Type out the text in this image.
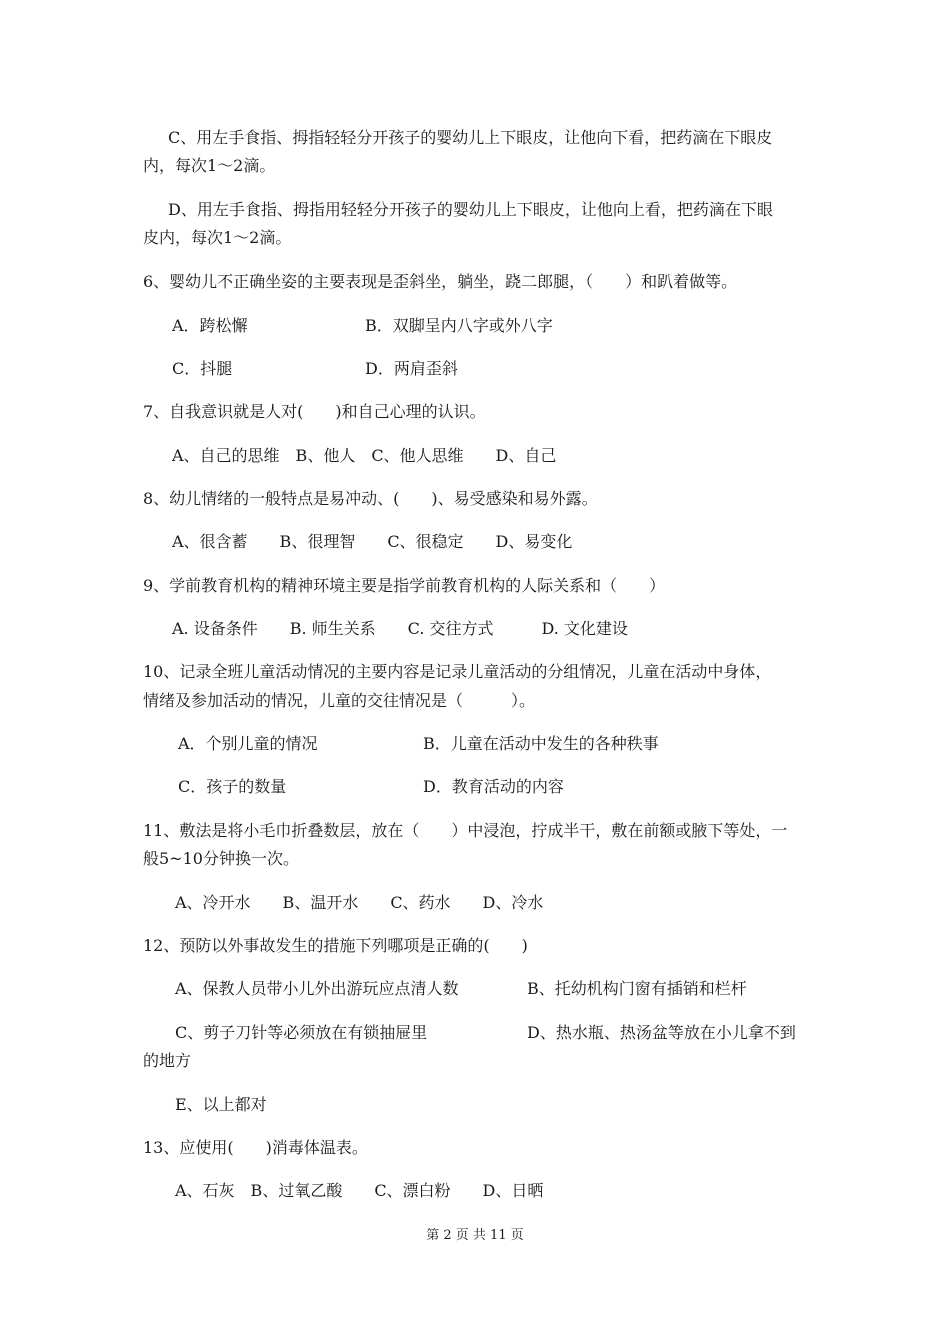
C、用左手食指、拇指轻轻分开孩子的婴幼儿上下眼皮，让他向下看，把药滴在下眼皮
内，每次1～2滴。
D、用左手食指、拇指用轻轻分开孩子的婴幼儿上下眼皮，让他向上看，把药滴在下眼
皮内，每次1～2滴。
6、婴幼儿不正确坐姿的主要表现是歪斜坐，躺坐，跷二郎腿，（　　）和趴着做等。
A．跨松懈	B．双脚呈内八字或外八字
C．抖腿	D．两肩歪斜
7、自我意识就是人对(　　)和自己心理的认识。
A、自己的思维　B、他人　C、他人思维　　D、自己
8、幼儿情绪的一般特点是易冲动、(　　)、易受感染和易外露。
A、很含蓄　　B、很理智　　C、很稳定　　D、易变化
9、学前教育机构的精神环境主要是指学前教育机构的人际关系和（　　）
A. 设备条件　　B. 师生关系　　C. 交往方式　　　D. 文化建设
10、记录全班儿童活动情况的主要内容是记录儿童活动的分组情况，儿童在活动中身体，
情绪及参加活动的情况，儿童的交往情况是（　　　）。
A．个别儿童的情况	B．儿童在活动中发生的各种秩事
C．孩子的数量	D．教育活动的内容
11、敷法是将小毛巾折叠数层，放在（　　）中浸泡，拧成半干，敷在前额或腋下等处，一
般5~10分钟换一次。
A、冷开水　　B、温开水　　C、药水　　D、冷水
12、预防以外事故发生的措施下列哪项是正确的(　　)
A、保教人员带小儿外出游玩应点清人数	B、托幼机构门窗有插销和栏杆
C、剪子刀针等必须放在有锁抽屉里	D、热水瓶、热汤盆等放在小儿拿不到
的地方
E、以上都对
13、应使用(　　)消毒体温表。
A、石灰　B、过氧乙酸　　C、漂白粉　　D、日晒
第 2 页 共 11 页
